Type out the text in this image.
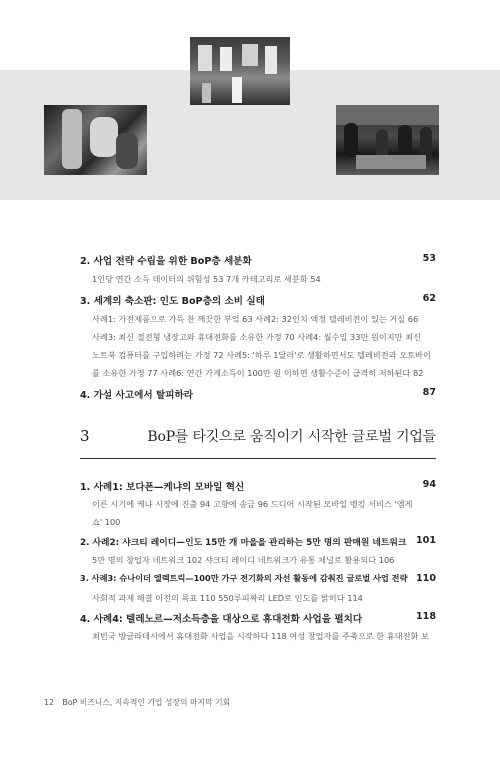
2. 사업 전략 수립을 위한 BoP층 세분화	53
1인당 연간 소득 데이터의 위험성 53 7개 카테고리로 세분화 54
3. 세계의 축소판: 인도 BoP층의 소비 실태	62
사례1: 가전제품으로 가득 찬 깨끗한 부엌 63 사례2: 32인치 액정 텔레비전이 있는 거실 66
사례3: 최신 절전형 냉장고와 휴대전화를 소유한 가정 70 사례4: 월수입 33만 원이지만 최신
노트북 컴퓨터를 구입하려는 가정 72 사례5: '하루 1달러'로 생활하면서도 텔레비전과 오토바이
를 소유한 가정 77 사례6: 연간 가계소득이 100만 원 이하면 생활수준이 급격히 저하된다 82
4. 가설 사고에서 탈피하라	87
3	BoP를 타깃으로 움직이기 시작한 글로벌 기업들
1. 사례1: 보다폰—케냐의 모바일 혁신	94
이른 시기에 케냐 시장에 진출 94 고향에 송금 96 드디어 시작된 모바일 뱅킹 서비스 '엠게
쇼' 100
2. 사례2: 샤크티 레이디—인도 15만 개 마을을 관리하는 5만 명의 판매원 네트워크 101
5만 명의 창업자 네트워크 102 샤크티 레이디 네트워크가 유통 채널로 활용되다 106
3. 사례3: 슈나이더 엘렉트릭—100만 가구 전기화의 자선 활동에 감춰진 글로벌 사업 전략 110
사회적 과제 해결 이전의 목표 110 550루피짜리 LED로 인도를 밝히다 114
4. 사례4: 텔레노르—저소득층을 대상으로 휴대전화 사업을 펼치다	118
최빈국 방글라데시에서 휴대전화 사업을 시작하다 118 여성 창업자를 주축으로 한 휴대전화 보
12 BoP 비즈니스, 지속적인 기업 성장의 마지막 기회
